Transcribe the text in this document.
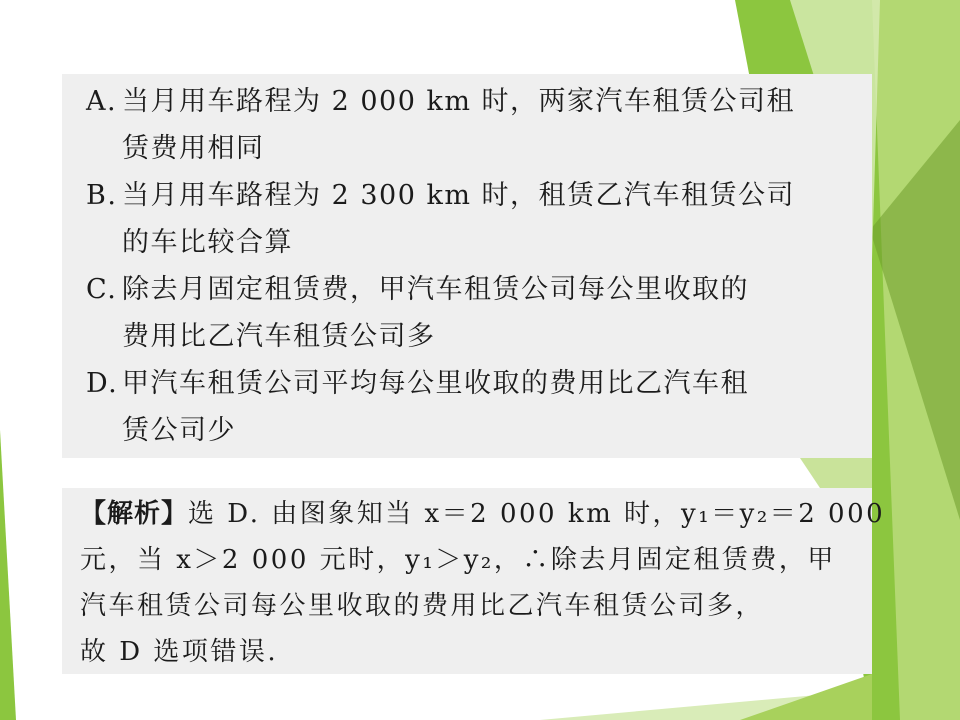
A. 当月用车路程为 2 000 km 时，两家汽车租赁公司租
赁费用相同
B. 当月用车路程为 2 300 km 时，租赁乙汽车租赁公司
的车比较合算
C. 除去月固定租赁费，甲汽车租赁公司每公里收取的
费用比乙汽车租赁公司多
D. 甲汽车租赁公司平均每公里收取的费用比乙汽车租
赁公司少
【解析】选 D. 由图象知当 x＝2 000 km 时，y₁＝y₂＝2 000
元，当 x＞2 000 元时，y₁＞y₂，∴除去月固定租赁费，甲
汽车租赁公司每公里收取的费用比乙汽车租赁公司多，
故 D 选项错误.
